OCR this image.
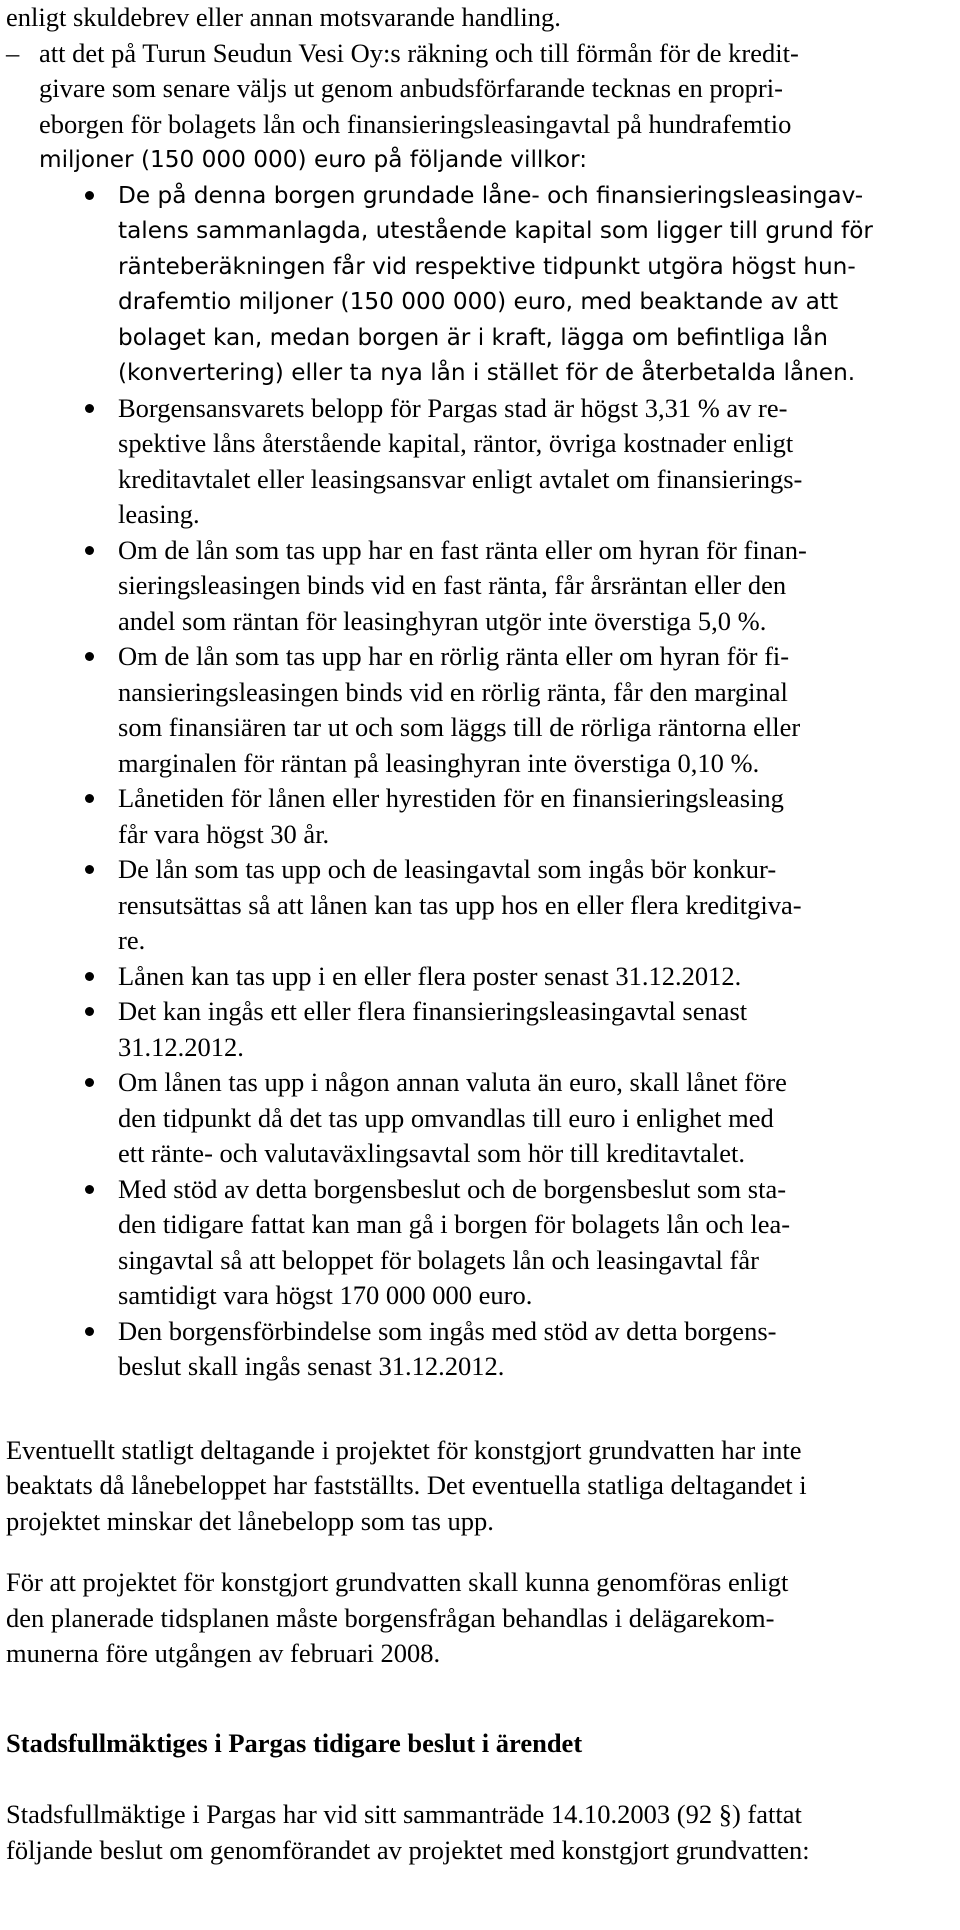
enligt skuldebrev eller annan motsvarande handling.
– att det på Turun Seudun Vesi Oy:s räkning och till förmån för de kredit-
givare som senare väljs ut genom anbudsförfarande tecknas en propri-
eborgen för bolagets lån och finansieringsleasingavtal på hundrafemtio
miljoner (150 000 000) euro på följande villkor:
De på denna borgen grundade låne- och finansieringsleasingav-
talens sammanlagda, utestående kapital som ligger till grund för
ränteberäkningen får vid respektive tidpunkt utgöra högst hun-
drafemtio miljoner (150 000 000) euro, med beaktande av att
bolaget kan, medan borgen är i kraft, lägga om befintliga lån
(konvertering) eller ta nya lån i stället för de återbetalda lånen.
Borgensansvarets belopp för Pargas stad är högst 3,31 % av re-
spektive låns återstående kapital, räntor, övriga kostnader enligt
kreditavtalet eller leasingsansvar enligt avtalet om finansierings-
leasing.
Om de lån som tas upp har en fast ränta eller om hyran för finan-
sieringsleasingen binds vid en fast ränta, får årsräntan eller den
andel som räntan för leasinghyran utgör inte överstiga 5,0 %.
Om de lån som tas upp har en rörlig ränta eller om hyran för fi-
nansieringsleasingen binds vid en rörlig ränta, får den marginal
som finansiären tar ut och som läggs till de rörliga räntorna eller
marginalen för räntan på leasinghyran inte överstiga 0,10 %.
Lånetiden för lånen eller hyrestiden för en finansieringsleasing
får vara högst 30 år.
De lån som tas upp och de leasingavtal som ingås bör konkur-
rensutsättas så att lånen kan tas upp hos en eller flera kreditgiva-
re.
Lånen kan tas upp i en eller flera poster senast 31.12.2012.
Det kan ingås ett eller flera finansieringsleasingavtal senast
31.12.2012.
Om lånen tas upp i någon annan valuta än euro, skall lånet före
den tidpunkt då det tas upp omvandlas till euro i enlighet med
ett ränte- och valutaväxlingsavtal som hör till kreditavtalet.
Med stöd av detta borgensbeslut och de borgensbeslut som sta-
den tidigare fattat kan man gå i borgen för bolagets lån och lea-
singavtal så att beloppet för bolagets lån och leasingavtal får
samtidigt vara högst 170 000 000 euro.
Den borgensförbindelse som ingås med stöd av detta borgens-
beslut skall ingås senast 31.12.2012.
Eventuellt statligt deltagande i projektet för konstgjort grundvatten har inte
beaktats då lånebeloppet har fastställts. Det eventuella statliga deltagandet i
projektet minskar det lånebelopp som tas upp.
För att projektet för konstgjort grundvatten skall kunna genomföras enligt
den planerade tidsplanen måste borgensfrågan behandlas i delägarekom-
munerna före utgången av februari 2008.
Stadsfullmäktiges i Pargas tidigare beslut i ärendet
Stadsfullmäktige i Pargas har vid sitt sammanträde 14.10.2003 (92 §) fattat
följande beslut om genomförandet av projektet med konstgjort grundvatten:
